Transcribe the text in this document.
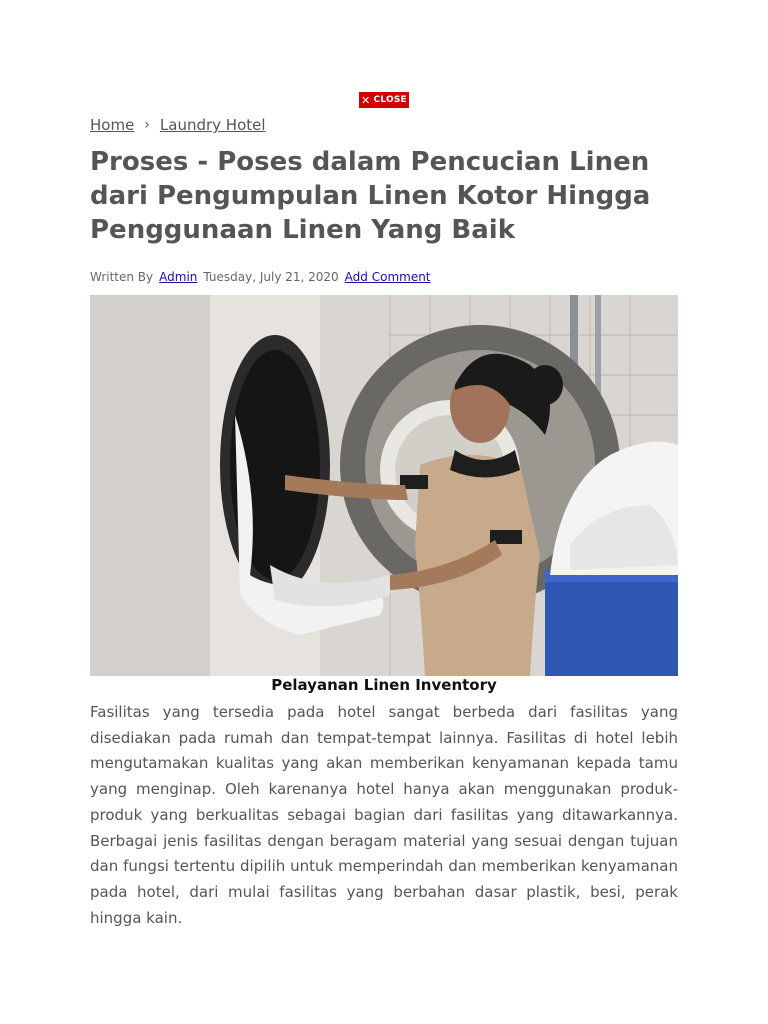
✕ CLOSE
Home › Laundry Hotel
Proses - Poses dalam Pencucian Linen dari Pengumpulan Linen Kotor Hingga Penggunaan Linen Yang Baik
Written By Admin Tuesday, July 21, 2020 Add Comment
Pelayanan Linen Inventory

Fasilitas yang tersedia pada hotel sangat berbeda dari fasilitas yang disediakan pada rumah dan tempat-tempat lainnya. Fasilitas di hotel lebih mengutamakan kualitas yang akan memberikan kenyamanan kepada tamu yang menginap. Oleh karenanya hotel hanya akan menggunakan produk-produk yang berkualitas sebagai bagian dari fasilitas yang ditawarkannya. Berbagai jenis fasilitas dengan beragam material yang sesuai dengan tujuan dan fungsi tertentu dipilih untuk memperindah dan memberikan kenyamanan pada hotel, dari mulai fasilitas yang berbahan dasar plastik, besi, perak hingga kain.
